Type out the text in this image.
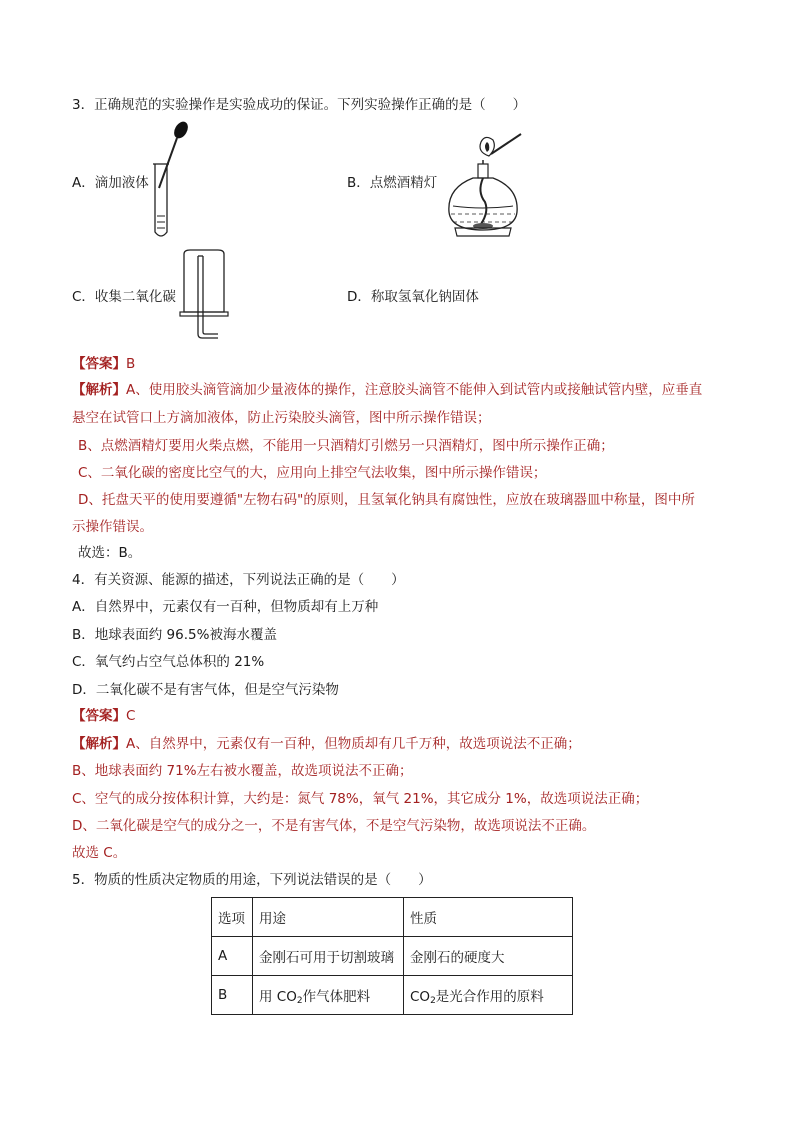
3．正确规范的实验操作是实验成功的保证。下列实验操作正确的是（　　）
A．滴加液体	B．点燃酒精灯
C．收集二氧化碳	D．称取氢氧化钠固体
【答案】B
【解析】A、使用胶头滴管滴加少量液体的操作，注意胶头滴管不能伸入到试管内或接触试管内壁，应垂直
悬空在试管口上方滴加液体，防止污染胶头滴管，图中所示操作错误；
B、点燃酒精灯要用火柴点燃，不能用一只酒精灯引燃另一只酒精灯，图中所示操作正确；
C、二氧化碳的密度比空气的大，应用向上排空气法收集，图中所示操作错误；
D、托盘天平的使用要遵循"左物右码"的原则，且氢氧化钠具有腐蚀性，应放在玻璃器皿中称量，图中所
示操作错误。
故选：B。
4．有关资源、能源的描述，下列说法正确的是（　　）
A．自然界中，元素仅有一百种，但物质却有上万种
B．地球表面约 96.5%被海水覆盖
C．氧气约占空气总体积的 21%
D．二氧化碳不是有害气体，但是空气污染物
【答案】C
【解析】A、自然界中，元素仅有一百种，但物质却有几千万种，故选项说法不正确；
B、地球表面约 71%左右被水覆盖，故选项说法不正确；
C、空气的成分按体积计算，大约是：氮气 78%，氧气 21%，其它成分 1%，故选项说法正确；
D、二氧化碳是空气的成分之一，不是有害气体，不是空气污染物，故选项说法不正确。
故选 C。
5．物质的性质决定物质的用途，下列说法错误的是（　　）
选项	用途	性质
A	金刚石可用于切割玻璃	金刚石的硬度大
B	用 $CO_2$作气体肥料	$CO_2$是光合作用的原料
